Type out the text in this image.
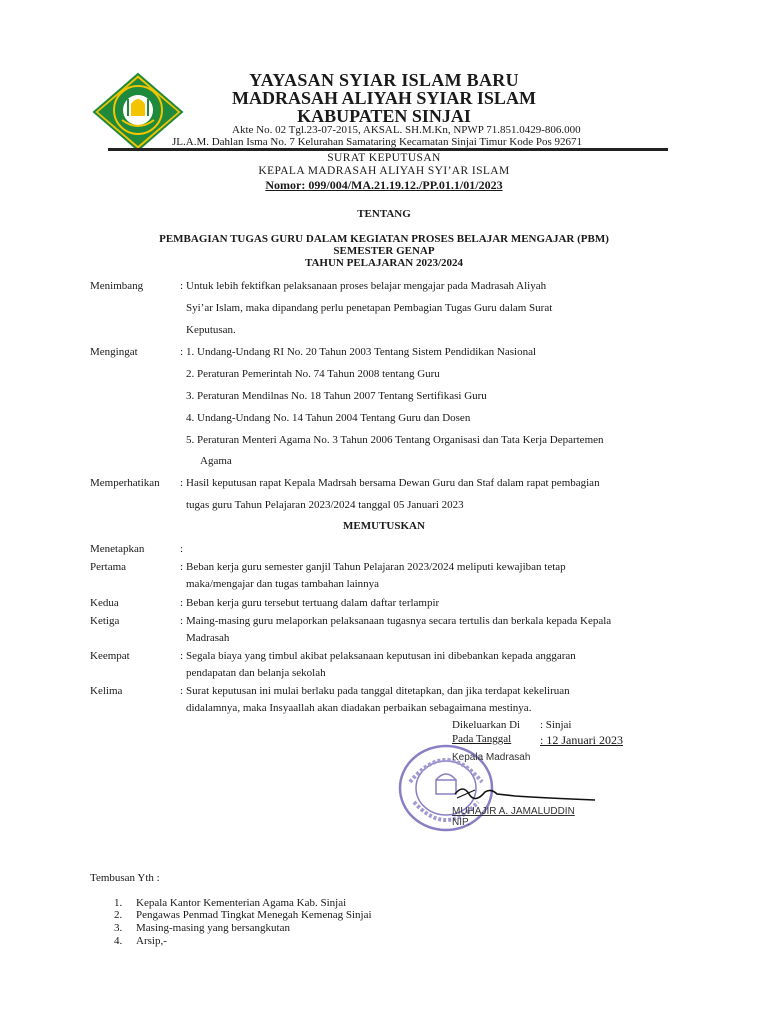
YAYASAN SYIAR ISLAM BARU
MADRASAH ALIYAH SYIAR ISLAM
KABUPATEN SINJAI
Akte No. 02 Tgl.23-07-2015, AKSAL. SH.M.Kn, NPWP 71.851.0429-806.000
JL.A.M. Dahlan Isma No. 7 Kelurahan Samataring Kecamatan Sinjai Timur Kode Pos 92671
SURAT KEPUTUSAN
KEPALA MADRASAH ALIYAH SYI’AR ISLAM
Nomor: 099/004/MA.21.19.12./PP.01.1/01/2023
TENTANG
PEMBAGIAN TUGAS GURU DALAM KEGIATAN PROSES BELAJAR MENGAJAR (PBM)
SEMESTER GENAP
TAHUN PELAJARAN 2023/2024
Menimbang	: Untuk lebih fektifkan pelaksanaan proses belajar mengajar pada Madrasah Aliyah
Syi’ar Islam, maka dipandang perlu penetapan Pembagian Tugas Guru dalam Surat
Keputusan.
Mengingat	: 1. Undang-Undang RI No. 20 Tahun 2003 Tentang Sistem Pendidikan Nasional
2. Peraturan Pemerintah No. 74 Tahun 2008 tentang Guru
3. Peraturan Mendilnas No. 18 Tahun 2007 Tentang Sertifikasi Guru
4. Undang-Undang No. 14 Tahun 2004 Tentang Guru dan Dosen
5. Peraturan Menteri Agama No. 3 Tahun 2006 Tentang Organisasi dan Tata Kerja Departemen
Agama
Memperhatikan : Hasil keputusan rapat Kepala Madrsah bersama Dewan Guru dan Staf dalam rapat pembagian
tugas guru Tahun Pelajaran 2023/2024 tanggal 05 Januari 2023
MEMUTUSKAN
Menetapkan	:
Pertama	: Beban kerja guru semester ganjil Tahun Pelajaran 2023/2024 meliputi kewajiban tetap
maka/mengajar dan tugas tambahan lainnya
Kedua	: Beban kerja guru tersebut tertuang dalam daftar terlampir
Ketiga	: Maing-masing guru melaporkan pelaksanaan tugasnya secara tertulis dan berkala kepada Kepala
Madrasah
Keempat	: Segala biaya yang timbul akibat pelaksanaan keputusan ini dibebankan kepada anggaran
pendapatan dan belanja sekolah
Kelima	: Surat keputusan ini mulai berlaku pada tanggal ditetapkan, dan jika terdapat kekeliruan
didalamnya, maka Insyaallah akan diadakan perbaikan sebagaimana mestinya.
Dikeluarkan Di : Sinjai
Pada Tanggal : 12 Januari 2023
Kepala Madrasah
MUHAJIR A. JAMALUDDIN
NIP.
Tembusan Yth :
1. Kepala Kantor Kementerian Agama Kab. Sinjai
2. Pengawas Penmad Tingkat Menegah Kemenag Sinjai
3. Masing-masing yang bersangkutan
4. Arsip,-
